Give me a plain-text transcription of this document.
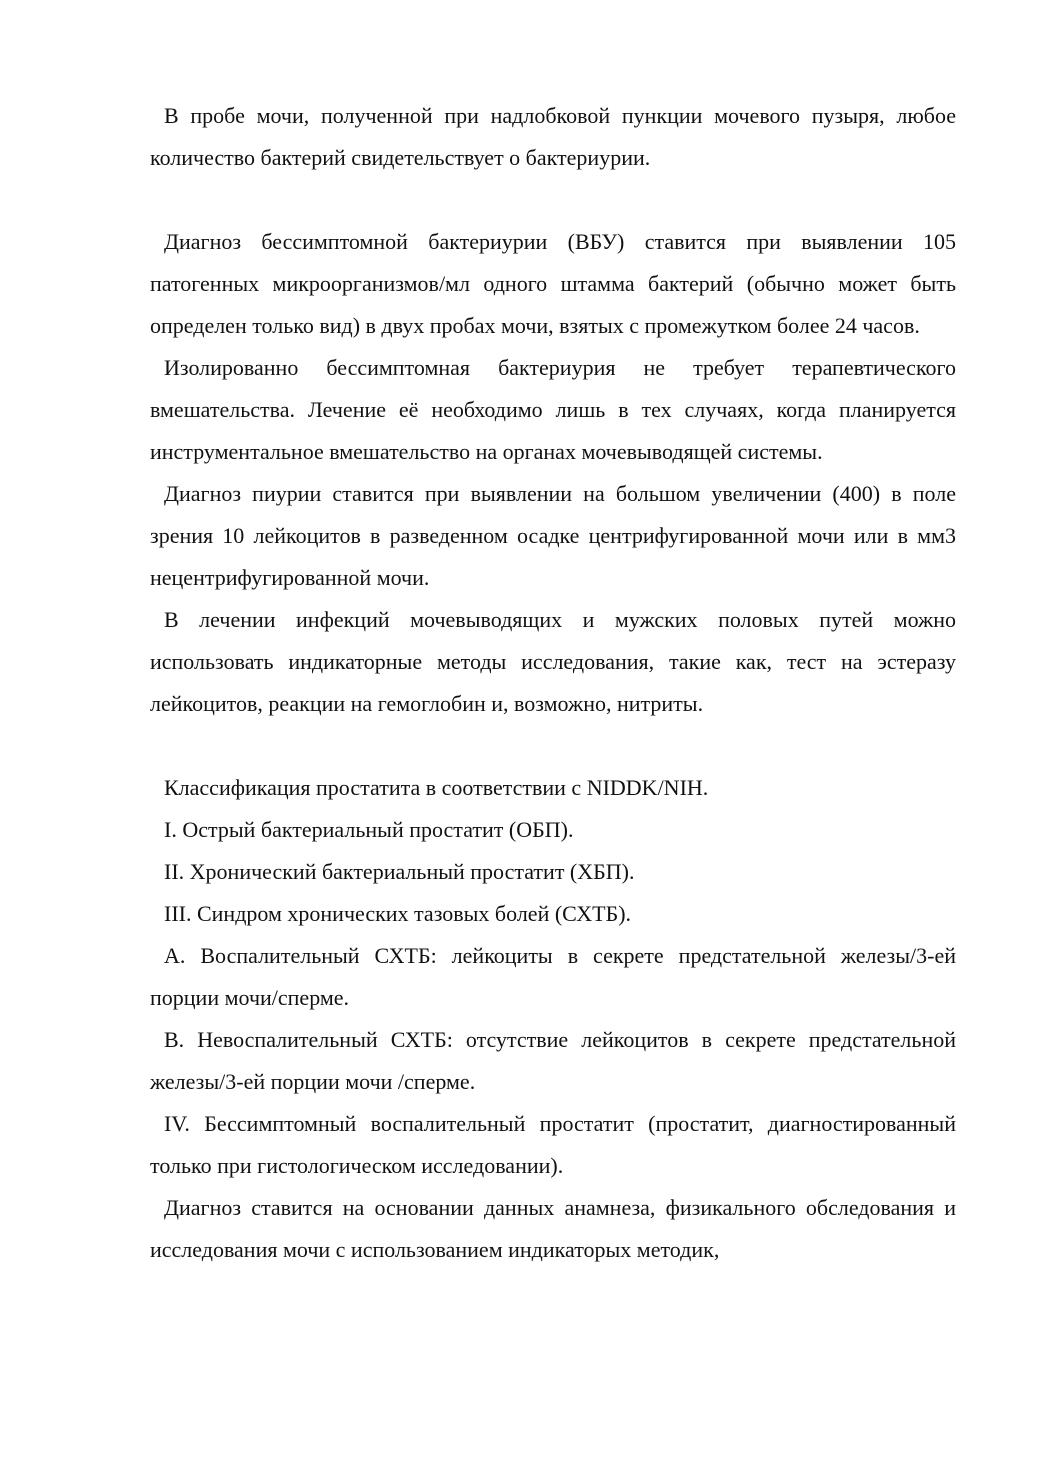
В пробе мочи, полученной при надлобковой пункции мочевого пузыря, любое количество бактерий свидетельствует о бактериурии.

Диагноз бессимптомной бактериурии (ВБУ) ставится при выявлении 105 патогенных микроорганизмов/мл одного штамма бактерий (обычно может быть определен только вид) в двух пробах мочи, взятых с промежутком более 24 часов.

Изолированно бессимптомная бактериурия не требует терапевтического вмешательства. Лечение её необходимо лишь в тех случаях, когда планируется инструментальное вмешательство на органах мочевыводящей системы.

Диагноз пиурии ставится при выявлении на большом увеличении (400) в поле зрения 10 лейкоцитов в разведенном осадке центрифугированной мочи или в мм3 нецентрифугированной мочи.

В лечении инфекций мочевыводящих и мужских половых путей можно использовать индикаторные методы исследования, такие как, тест на эстеразу лейкоцитов, реакции на гемоглобин и, возможно, нитриты.

Классификация простатита в соответствии с NIDDK/NIH.

I. Острый бактериальный простатит (ОБП).

II. Хронический бактериальный простатит (ХБП).

III. Синдром хронических тазовых болей (СХТБ).

A. Воспалительный СХТБ: лейкоциты в секрете предстательной железы/3-ей порции мочи/сперме.

B. Невоспалительный СХТБ: отсутствие лейкоцитов в секрете предстательной железы/3-ей порции мочи /сперме.

IV. Бессимптомный воспалительный простатит (простатит, диагностированный только при гистологическом исследовании).

Диагноз ставится на основании данных анамнеза, физикального обследования и исследования мочи с использованием индикаторых методик,
